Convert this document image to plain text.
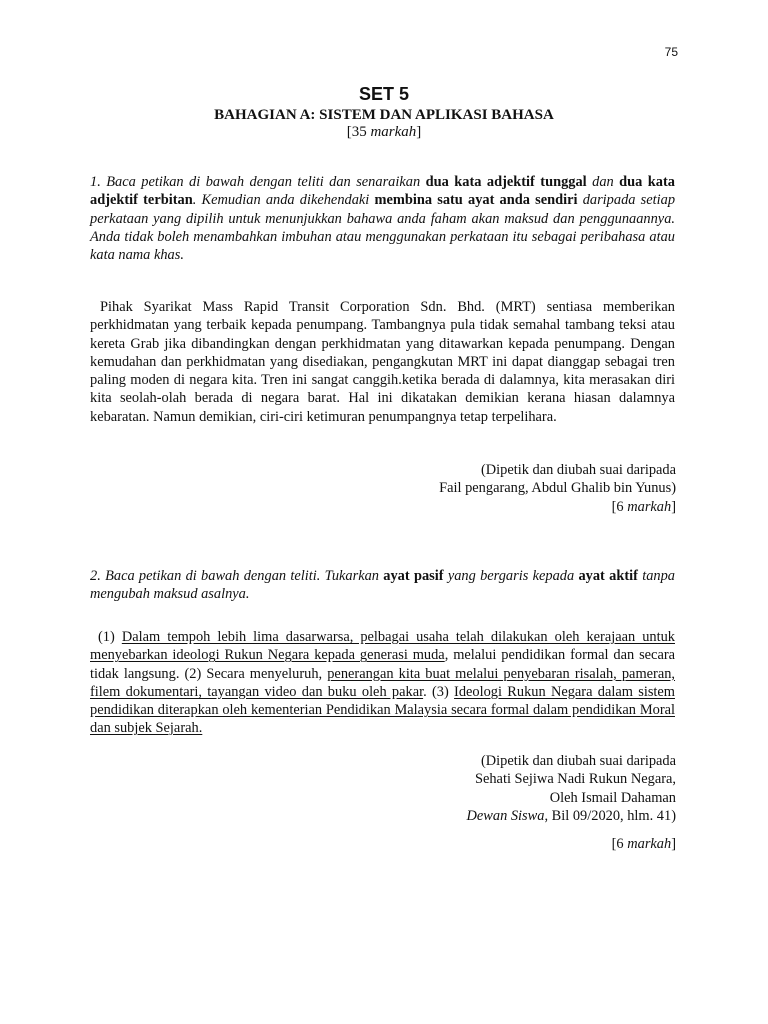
75
SET 5
BAHAGIAN A: SISTEM DAN APLIKASI BAHASA
[35 markah]
1. Baca petikan di bawah dengan teliti dan senaraikan dua kata adjektif tunggal dan dua kata adjektif terbitan. Kemudian anda dikehendaki membina satu ayat anda sendiri daripada setiap perkataan yang dipilih untuk menunjukkan bahawa anda faham akan maksud dan penggunaannya. Anda tidak boleh menambahkan imbuhan atau menggunakan perkataan itu sebagai peribahasa atau kata nama khas.
Pihak Syarikat Mass Rapid Transit Corporation Sdn. Bhd. (MRT) sentiasa memberikan perkhidmatan yang terbaik kepada penumpang. Tambangnya pula tidak semahal tambang teksi atau kereta Grab jika dibandingkan dengan perkhidmatan yang ditawarkan kepada penumpang. Dengan kemudahan dan perkhidmatan yang disediakan, pengangkutan MRT ini dapat dianggap sebagai tren paling moden di negara kita. Tren ini sangat canggih.ketika berada di dalamnya, kita merasakan diri kita seolah-olah berada di negara barat. Hal ini dikatakan demikian kerana hiasan dalamnya kebaratan. Namun demikian, ciri-ciri ketimuran penumpangnya tetap terpelihara.
(Dipetik dan diubah suai daripada
Fail pengarang, Abdul Ghalib bin Yunus)
[6 markah]
2. Baca petikan di bawah dengan teliti. Tukarkan ayat pasif yang bergaris kepada ayat aktif tanpa mengubah maksud asalnya.
(1) Dalam tempoh lebih lima dasarwarsa, pelbagai usaha telah dilakukan oleh kerajaan untuk menyebarkan ideologi Rukun Negara kepada generasi muda, melalui pendidikan formal dan secara tidak langsung. (2) Secara menyeluruh, penerangan kita buat melalui penyebaran risalah, pameran, filem dokumentari, tayangan video dan buku oleh pakar. (3) Ideologi Rukun Negara dalam sistem pendidikan diterapkan oleh kementerian Pendidikan Malaysia secara formal dalam pendidikan Moral dan subjek Sejarah.
(Dipetik dan diubah suai daripada
Sehati Sejiwa Nadi Rukun Negara,
Oleh Ismail Dahaman
Dewan Siswa, Bil 09/2020, hlm. 41)
[6 markah]
